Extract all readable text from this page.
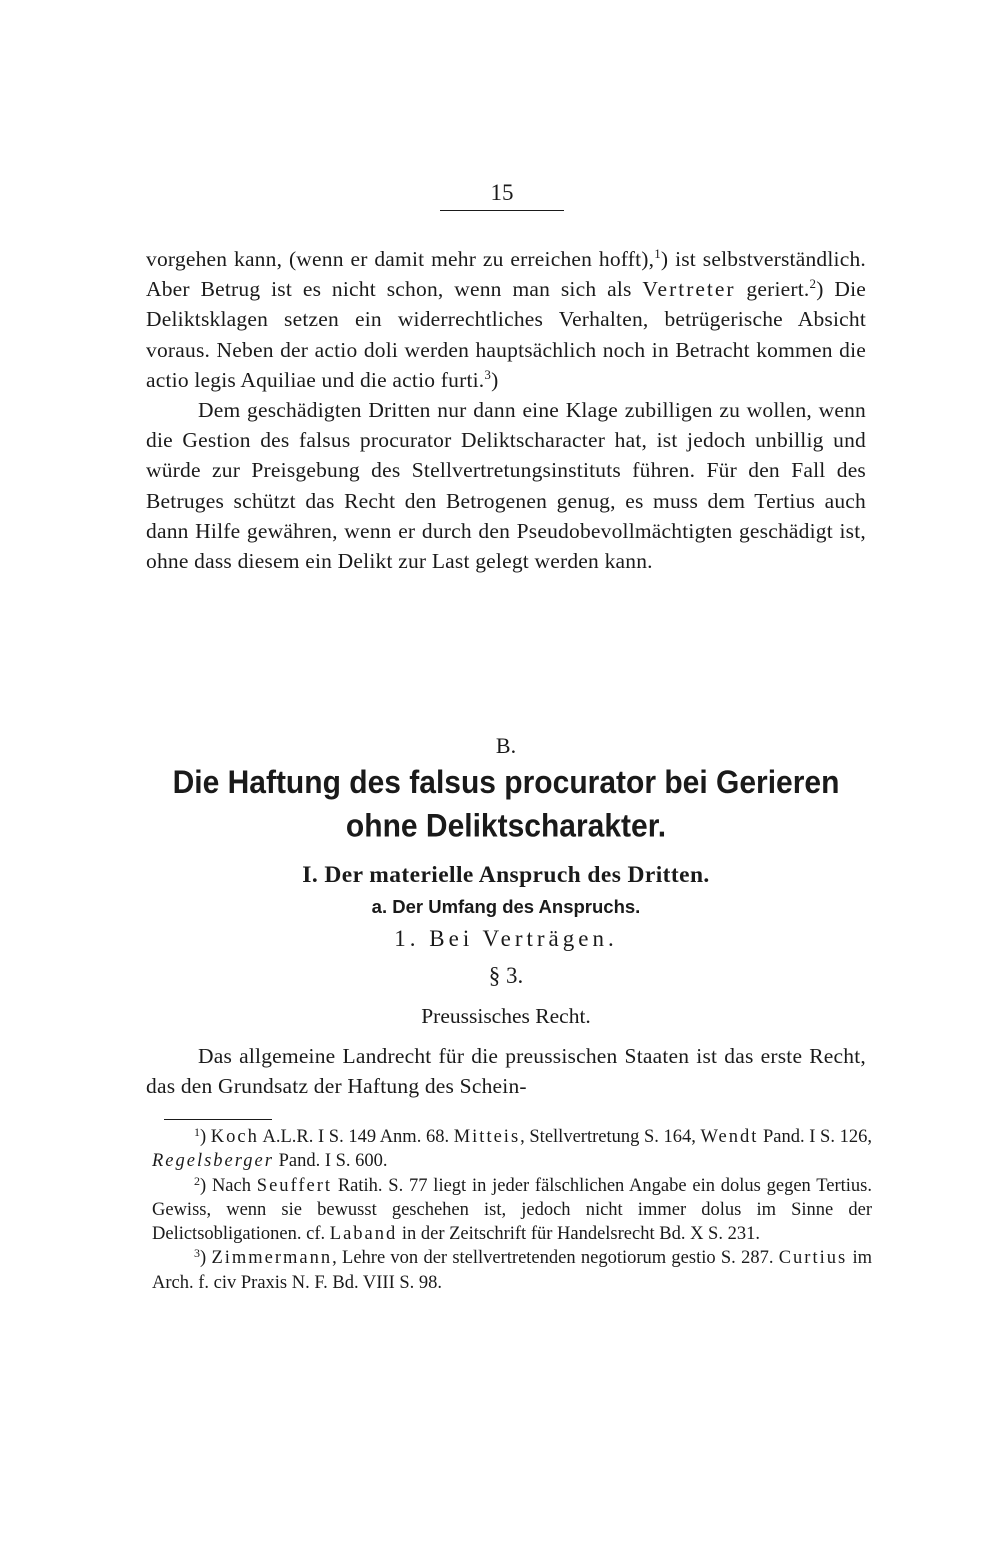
15

vorgehen kann, (wenn er damit mehr zu erreichen hofft),$^1$) ist selbstverständlich. Aber Betrug ist es nicht schon, wenn man sich als Vertreter geriert.$^2$) Die Deliktsklagen setzen ein widerrechtliches Verhalten, betrügerische Absicht voraus. Neben der actio doli werden hauptsächlich noch in Betracht kommen die actio legis Aquiliae und die actio furti.$^3$)

Dem geschädigten Dritten nur dann eine Klage zubilligen zu wollen, wenn die Gestion des falsus procurator Deliktscharacter hat, ist jedoch unbillig und würde zur Preisgebung des Stellvertretungsinstituts führen. Für den Fall des Betruges schützt das Recht den Betrogenen genug, es muss dem Tertius auch dann Hilfe gewähren, wenn er durch den Pseudobevollmächtigten geschädigt ist, ohne dass diesem ein Delikt zur Last gelegt werden kann.

B.
Die Haftung des falsus procurator bei Gerieren
ohne Deliktscharakter.
I. Der materielle Anspruch des Dritten.
a. Der Umfang des Anspruchs.
1. Bei Verträgen.
§ 3.
Preussisches Recht.

Das allgemeine Landrecht für die preussischen Staaten ist das erste Recht, das den Grundsatz der Haftung des Schein-

$^1$) Koch A.L.R. I S. 149 Anm. 68. Mitteis, Stellvertretung S. 164, Wendt Pand. I S. 126, Regelsberger Pand. I S. 600.

$^2$) Nach Seuffert Ratih. S. 77 liegt in jeder fälschlichen Angabe ein dolus gegen Tertius. Gewiss, wenn sie bewusst geschehen ist, jedoch nicht immer dolus im Sinne der Delictsobligationen. cf. Laband in der Zeitschrift für Handelsrecht Bd. X S. 231.

$^3$) Zimmermann, Lehre von der stellvertretenden negotiorum gestio S. 287. Curtius im Arch. f. civ Praxis N. F. Bd. VIII S. 98.
